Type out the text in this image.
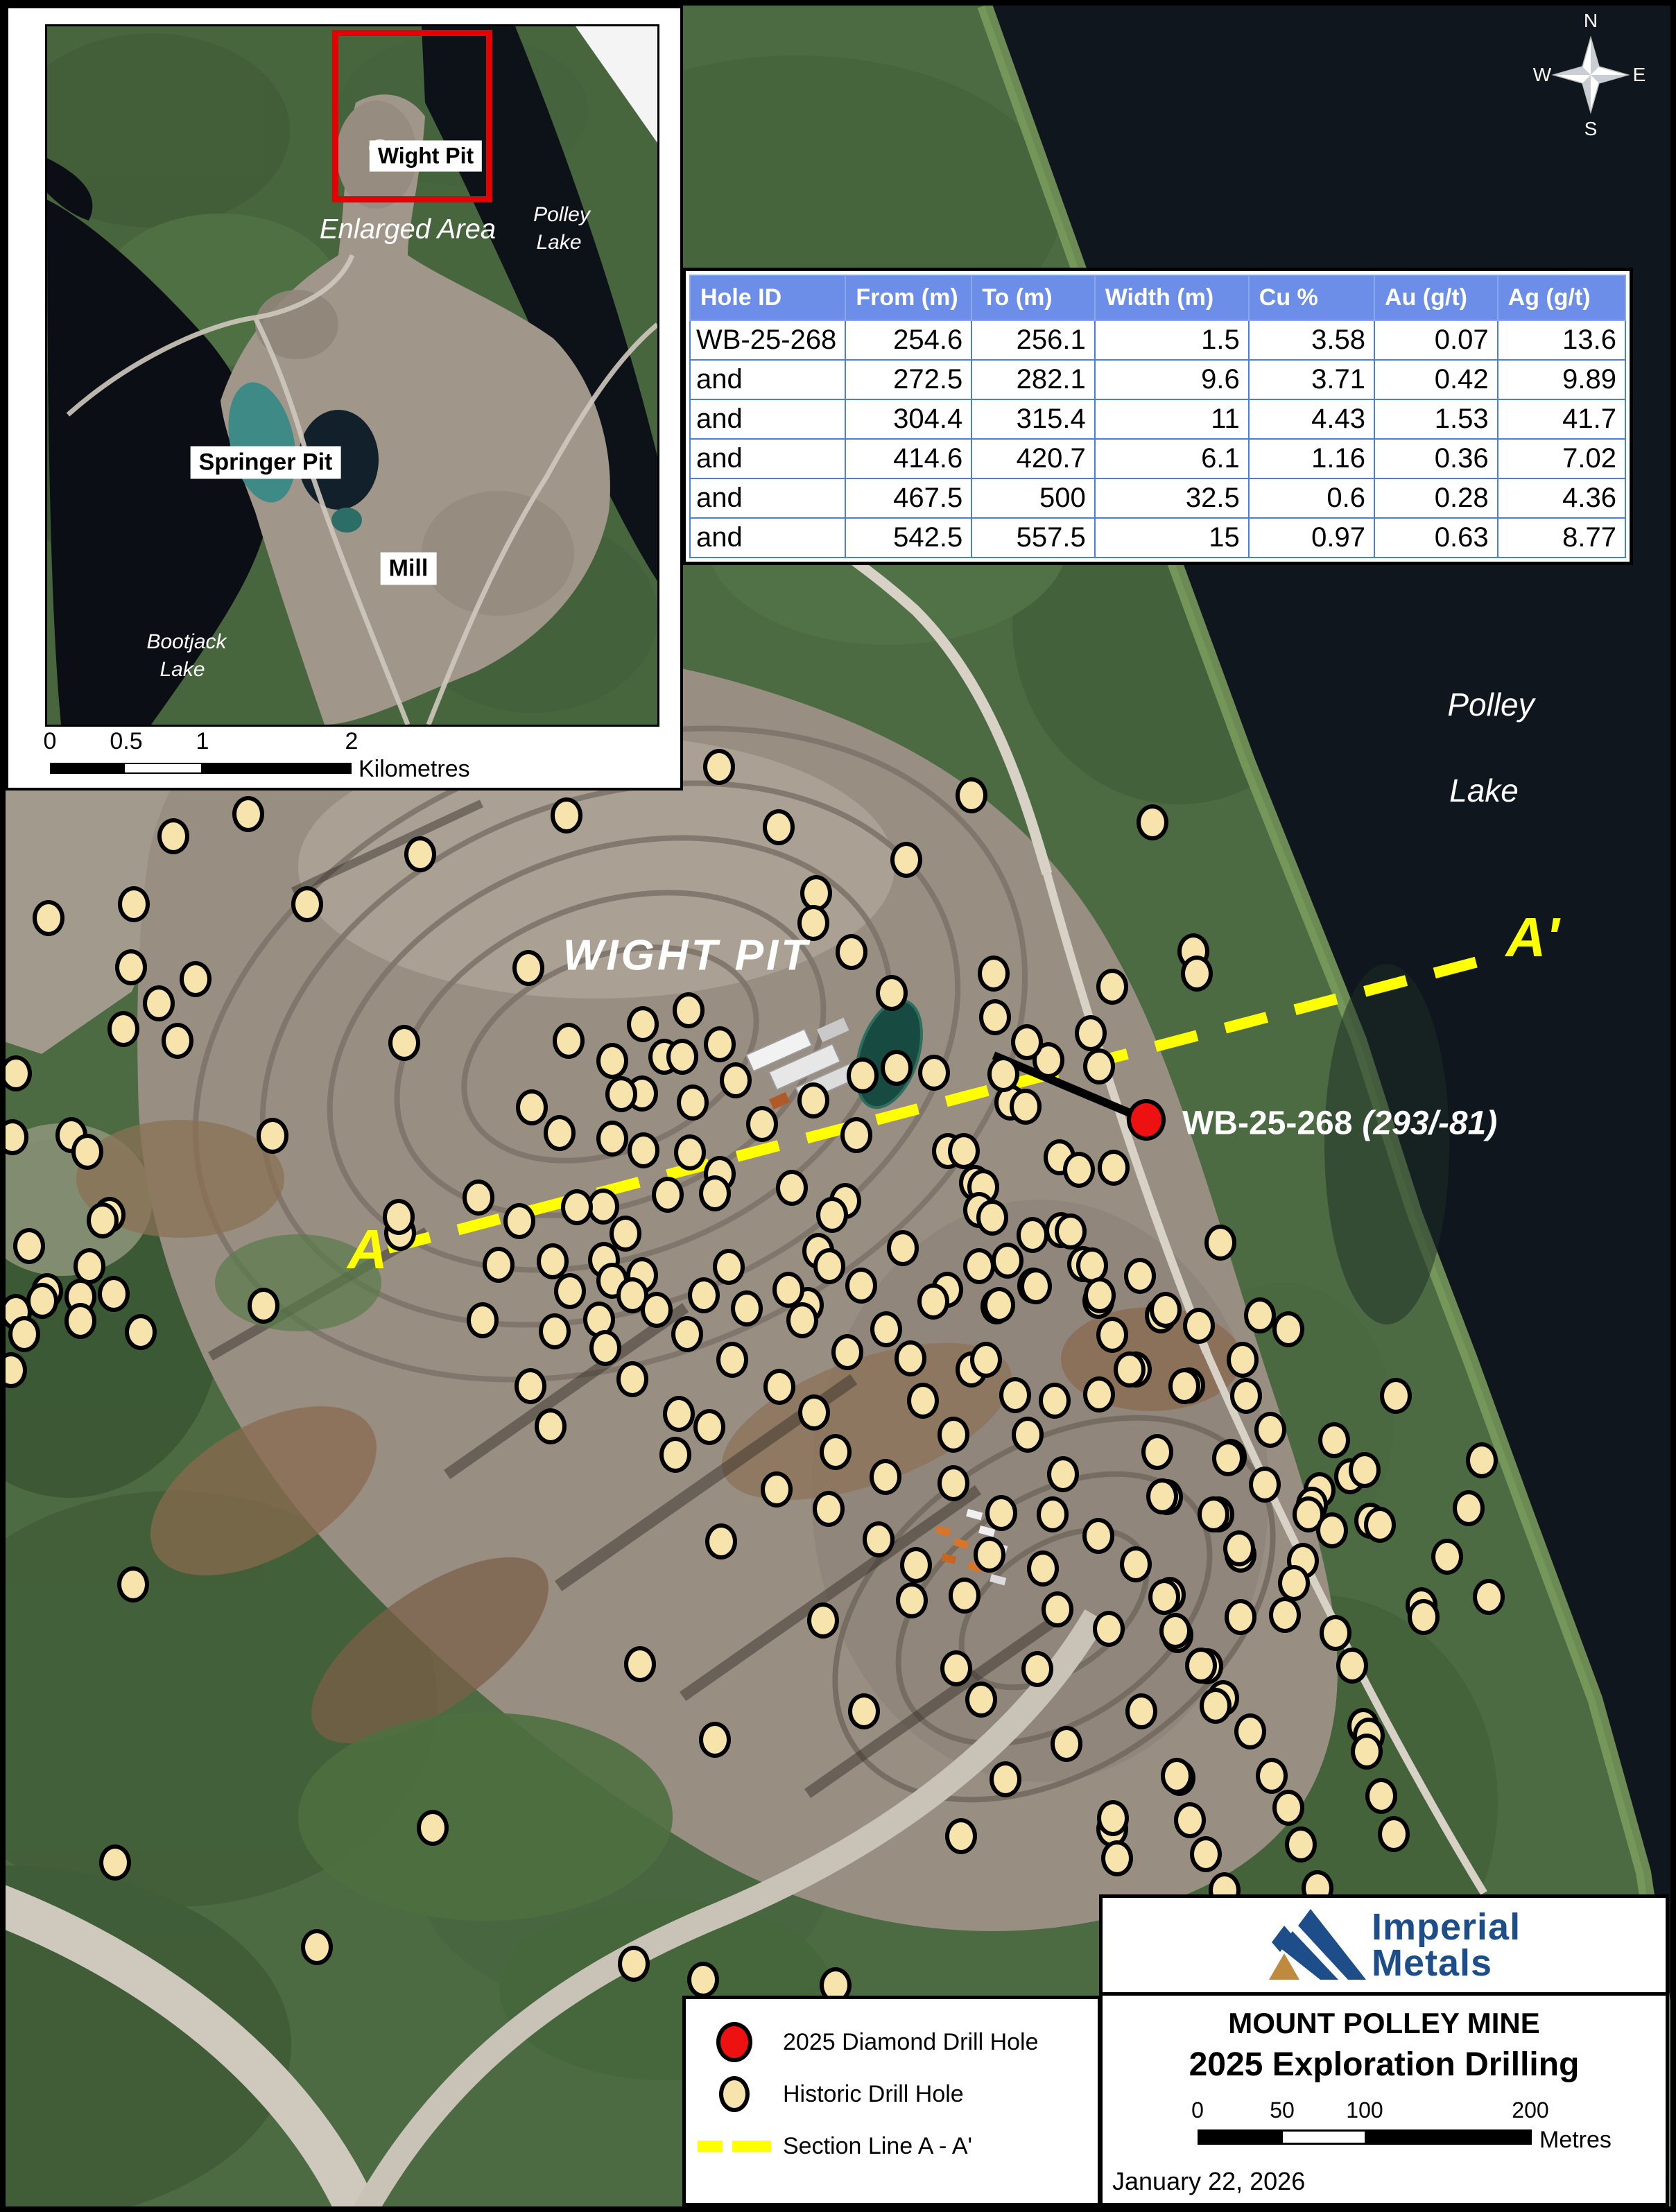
WIGHT PIT
Polley
Lake
A
A'
WB-25-268 (293/-81)
N
E
S
W
Hole ID	From (m)	To (m)	Width (m)	Cu %	Au (g/t)	Ag (g/t)
WB-25-268	254.6	256.1	1.5	3.58	0.07	13.6
and	272.5	282.1	9.6	3.71	0.42	9.89
and	304.4	315.4	11	4.43	1.53	41.7
and	414.6	420.7	6.1	1.16	0.36	7.02
and	467.5	500	32.5	0.6	0.28	4.36
and	542.5	557.5	15	0.97	0.63	8.77
2025 Diamond Drill Hole
Historic Drill Hole
Section Line A - A'
Imperial
Metals
MOUNT POLLEY MINE
2025 Exploration Drilling
0	50 100	200
Metres
January 22, 2026
Wight Pit
Enlarged Area Polley
Lake
Springer Pit
Mill
Bootjack
Lake
0 0.5 1	2
Kilometres
